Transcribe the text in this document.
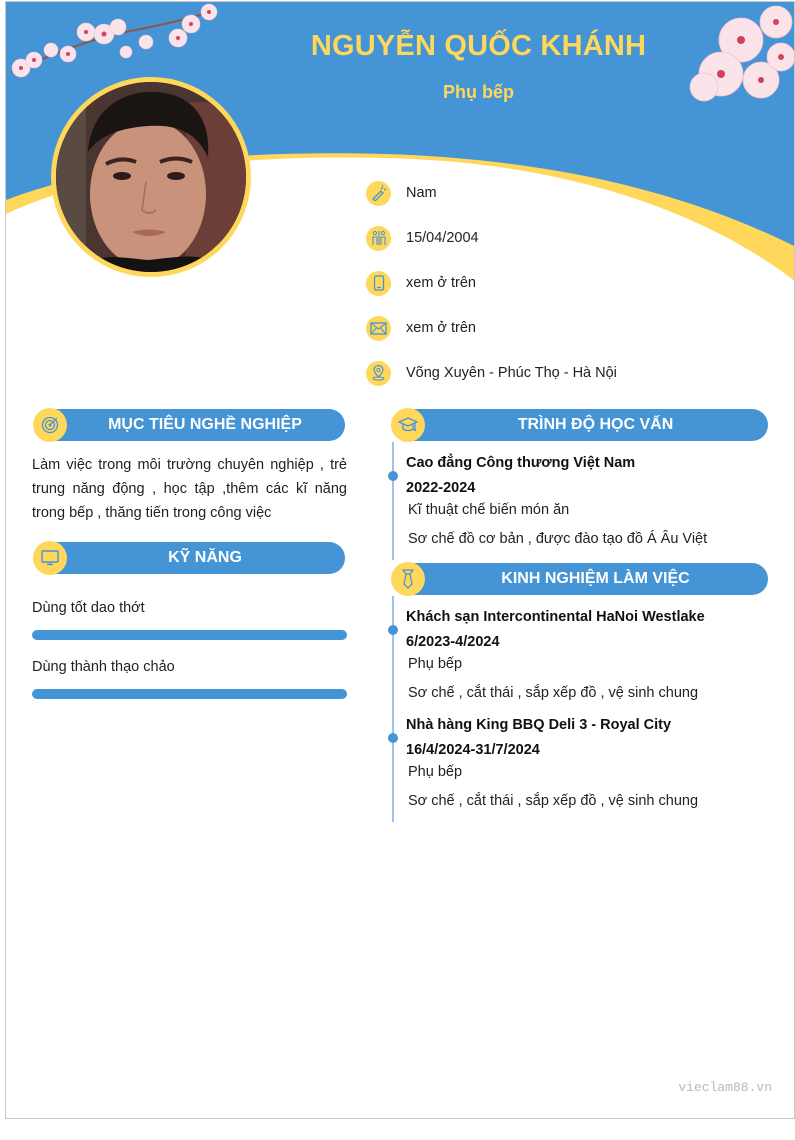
NGUYỄN QUỐC KHÁNH
Phụ bếp
Nam
15/04/2004
xem ở trên
xem ở trên
Võng Xuyên - Phúc Thọ - Hà Nội
MỤC TIÊU NGHỀ NGHIỆP
Làm việc trong môi trường chuyên nghiệp , trẻ trung năng động , học tập ,thêm các kĩ năng trong bếp , thăng tiến trong công việc
KỸ NĂNG
Dùng tốt dao thớt
Dùng thành thạo chảo
TRÌNH ĐỘ HỌC VẤN
Cao đẳng Công thương Việt Nam
2022-2024
Kĩ thuật chế biến món ăn
Sơ chế đồ cơ bản , được đào tạo đồ Á Âu Việt
KINH NGHIỆM LÀM VIỆC
Khách sạn Intercontinental HaNoi Westlake
6/2023-4/2024
Phụ bếp
Sơ chế , cắt thái , sắp xếp đồ , vệ sinh chung
Nhà hàng King BBQ Deli 3 - Royal City
16/4/2024-31/7/2024
Phụ bếp
Sơ chế , cắt thái , sắp xếp đồ , vệ sinh chung
vieclam88.vn
